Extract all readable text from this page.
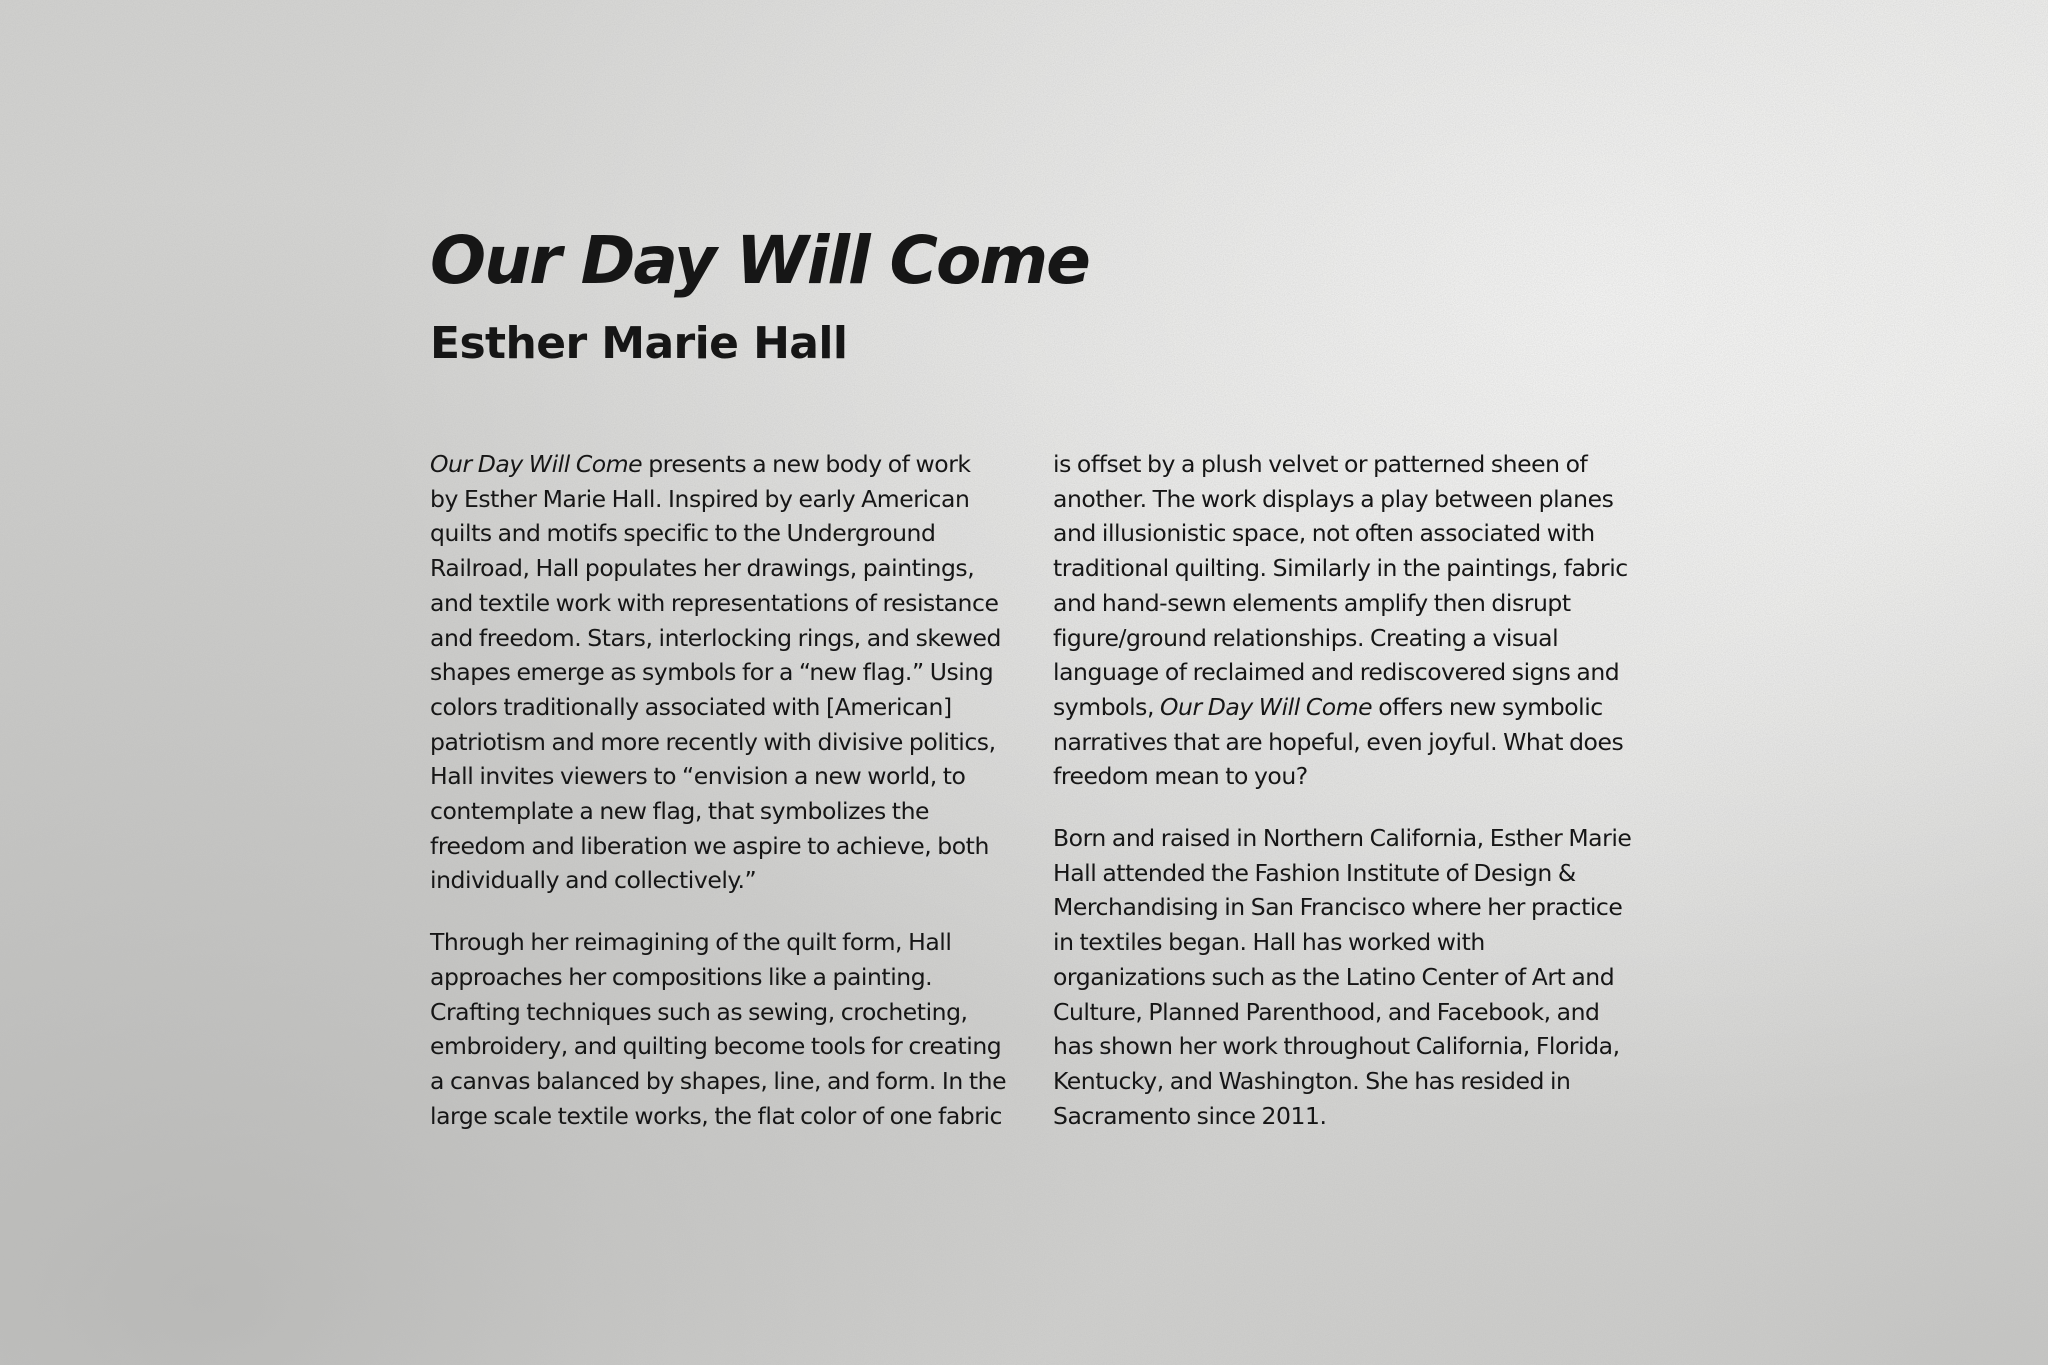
Our Day Will Come
Esther Marie Hall
Our Day Will Come presents a new body of work
by Esther Marie Hall. Inspired by early American
quilts and motifs specific to the Underground
Railroad, Hall populates her drawings, paintings,
and textile work with representations of resistance
and freedom. Stars, interlocking rings, and skewed
shapes emerge as symbols for a “new flag.” Using
colors traditionally associated with [American]
patriotism and more recently with divisive politics,
Hall invites viewers to “envision a new world, to
contemplate a new flag, that symbolizes the
freedom and liberation we aspire to achieve, both
individually and collectively.”
Through her reimagining of the quilt form, Hall
approaches her compositions like a painting.
Crafting techniques such as sewing, crocheting,
embroidery, and quilting become tools for creating
a canvas balanced by shapes, line, and form. In the
large scale textile works, the flat color of one fabric
is offset by a plush velvet or patterned sheen of
another. The work displays a play between planes
and illusionistic space, not often associated with
traditional quilting. Similarly in the paintings, fabric
and hand-sewn elements amplify then disrupt
figure/ground relationships. Creating a visual
language of reclaimed and rediscovered signs and
symbols, Our Day Will Come offers new symbolic
narratives that are hopeful, even joyful. What does
freedom mean to you?
Born and raised in Northern California, Esther Marie
Hall attended the Fashion Institute of Design &
Merchandising in San Francisco where her practice
in textiles began. Hall has worked with
organizations such as the Latino Center of Art and
Culture, Planned Parenthood, and Facebook, and
has shown her work throughout California, Florida,
Kentucky, and Washington. She has resided in
Sacramento since 2011.
